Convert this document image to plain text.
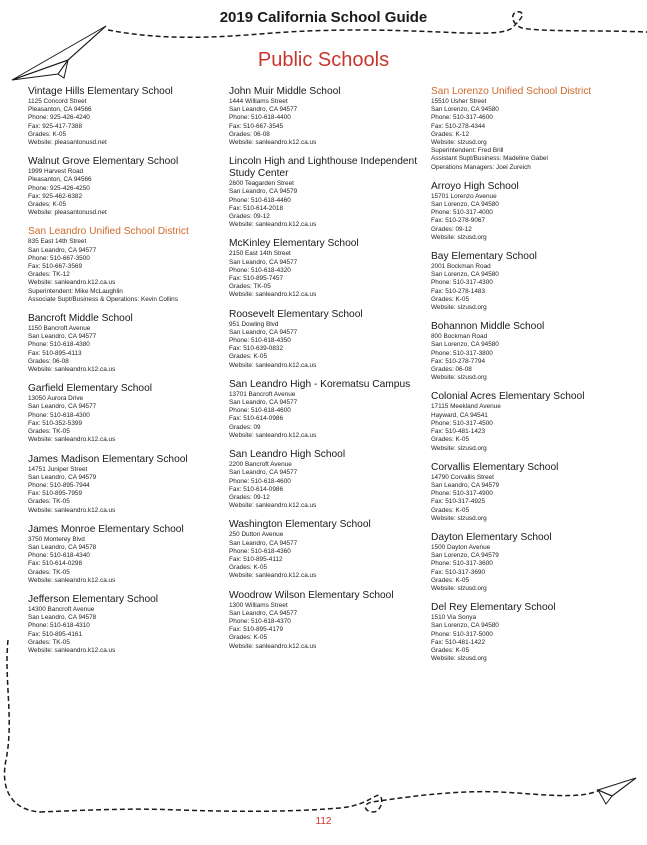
2019 California School Guide
Public Schools
Vintage Hills Elementary School
1125 Concord Street
Pleasanton, CA 94566
Phone: 925-426-4240
Fax: 925-417-7388
Grades: K-05
Website: pleasantonusd.net
Walnut Grove Elementary School
1999 Harvest Road
Pleasanton, CA 94566
Phone: 925-426-4250
Fax: 925-462-6382
Grades: K-05
Website: pleasantonusd.net
San Leandro Unified School District
835 East 14th Street
San Leandro, CA 94577
Phone: 510-667-3500
Fax: 510-667-3569
Grades: TK-12
Website: sanleandro.k12.ca.us
Superintendent: Mike McLaughlin
Associate Supt/Business & Operations: Kevin Collins
Bancroft Middle School
1150 Bancroft Avenue
San Leandro, CA 94577
Phone: 510-618-4380
Fax: 510-895-4113
Grades: 06-08
Website: sanleandro.k12.ca.us
Garfield Elementary School
13050 Aurora Drive
San Leandro, CA 94577
Phone: 510-618-4300
Fax: 510-352-5399
Grades: TK-05
Website: sanleandro.k12.ca.us
James Madison Elementary School
14751 Juniper Street
San Leandro, CA 94579
Phone: 510-895-7944
Fax: 510-895-7959
Grades: TK-05
Website: sanleandro.k12.ca.us
James Monroe Elementary School
3750 Monterey Blvd
San Leandro, CA 94578
Phone: 510-618-4340
Fax: 510-614-0298
Grades: TK-05
Website: sanleandro.k12.ca.us
Jefferson Elementary School
14300 Bancroft Avenue
San Leandro, CA 94578
Phone: 510-618-4310
Fax: 510-895-4161
Grades: TK-05
Website: sanleandro.k12.ca.us
John Muir Middle School
1444 Williams Street
San Leandro, CA 94577
Phone: 510-618-4400
Fax: 510-667-3545
Grades: 06-08
Website: sanleandro.k12.ca.us
Lincoln High and Lighthouse Independent Study Center
2600 Teagarden Street
San Leandro, CA 94579
Phone: 510-618-4460
Fax: 510-614-2018
Grades: 09-12
Website: sanleandro.k12.ca.us
McKinley Elementary School
2150 East 14th Street
San Leandro, CA 94577
Phone: 510-618-4320
Fax: 510-895-7457
Grades: TK-05
Website: sanleandro.k12.ca.us
Roosevelt Elementary School
951 Dowling Blvd
San Leandro, CA 94577
Phone: 510-618-4350
Fax: 510-639-0832
Grades: K-05
Website: sanleandro.k12.ca.us
San Leandro High - Korematsu Campus
13701 Bancroft Avenue
San Leandro, CA 94577
Phone: 510-618-4600
Fax: 510-614-0986
Grades: 09
Website: sanleandro.k12.ca.us
San Leandro High School
2200 Bancroft Avenue
San Leandro, CA 94577
Phone: 510-618-4600
Fax: 510-614-0986
Grades: 09-12
Website: sanleandro.k12.ca.us
Washington Elementary School
250 Dutton Avenue
San Leandro, CA 94577
Phone: 510-618-4360
Fax: 510-895-4112
Grades: K-05
Website: sanleandro.k12.ca.us
Woodrow Wilson Elementary School
1300 Williams Street
San Leandro, CA 94577
Phone: 510-618-4370
Fax: 510-895-4179
Grades: K-05
Website: sanleandro.k12.ca.us
San Lorenzo Unified School District
15510 Usher Street
San Lorenzo, CA 94580
Phone: 510-317-4600
Fax: 510-278-4344
Grades: K-12
Website: slzusd.org
Superintendent: Fred Brill
Assistant Supt/Business: Madeline Gabel
Operations Managers: Joel Zureich
Arroyo High School
15701 Lorenzo Avenue
San Lorenzo, CA 94580
Phone: 510-317-4000
Fax: 510-278-9067
Grades: 09-12
Website: slzusd.org
Bay Elementary School
2001 Bockman Road
San Lorenzo, CA 94580
Phone: 510-317-4300
Fax: 510-278-1483
Grades: K-05
Website: slzusd.org
Bohannon Middle School
800 Bockman Road
San Lorenzo, CA 94580
Phone: 510-317-3800
Fax: 510-278-7794
Grades: 06-08
Website: slzusd.org
Colonial Acres Elementary School
17115 Meekland Avenue
Hayward, CA 94541
Phone: 510-317-4500
Fax: 510-481-1423
Grades: K-05
Website: slzusd.org
Corvallis Elementary School
14790 Corvallis Street
San Leandro, CA 94579
Phone: 510-317-4900
Fax: 510-317-4925
Grades: K-05
Website: slzusd.org
Dayton Elementary School
1500 Dayton Avenue
San Lorenzo, CA 94579
Phone: 510-317-3600
Fax: 510-317-3690
Grades: K-05
Website: slzusd.org
Del Rey Elementary School
1510 Via Sonya
San Lorenzo, CA 94580
Phone: 510-317-5000
Fax: 510-481-1422
Grades: K-05
Website: slzusd.org
112
